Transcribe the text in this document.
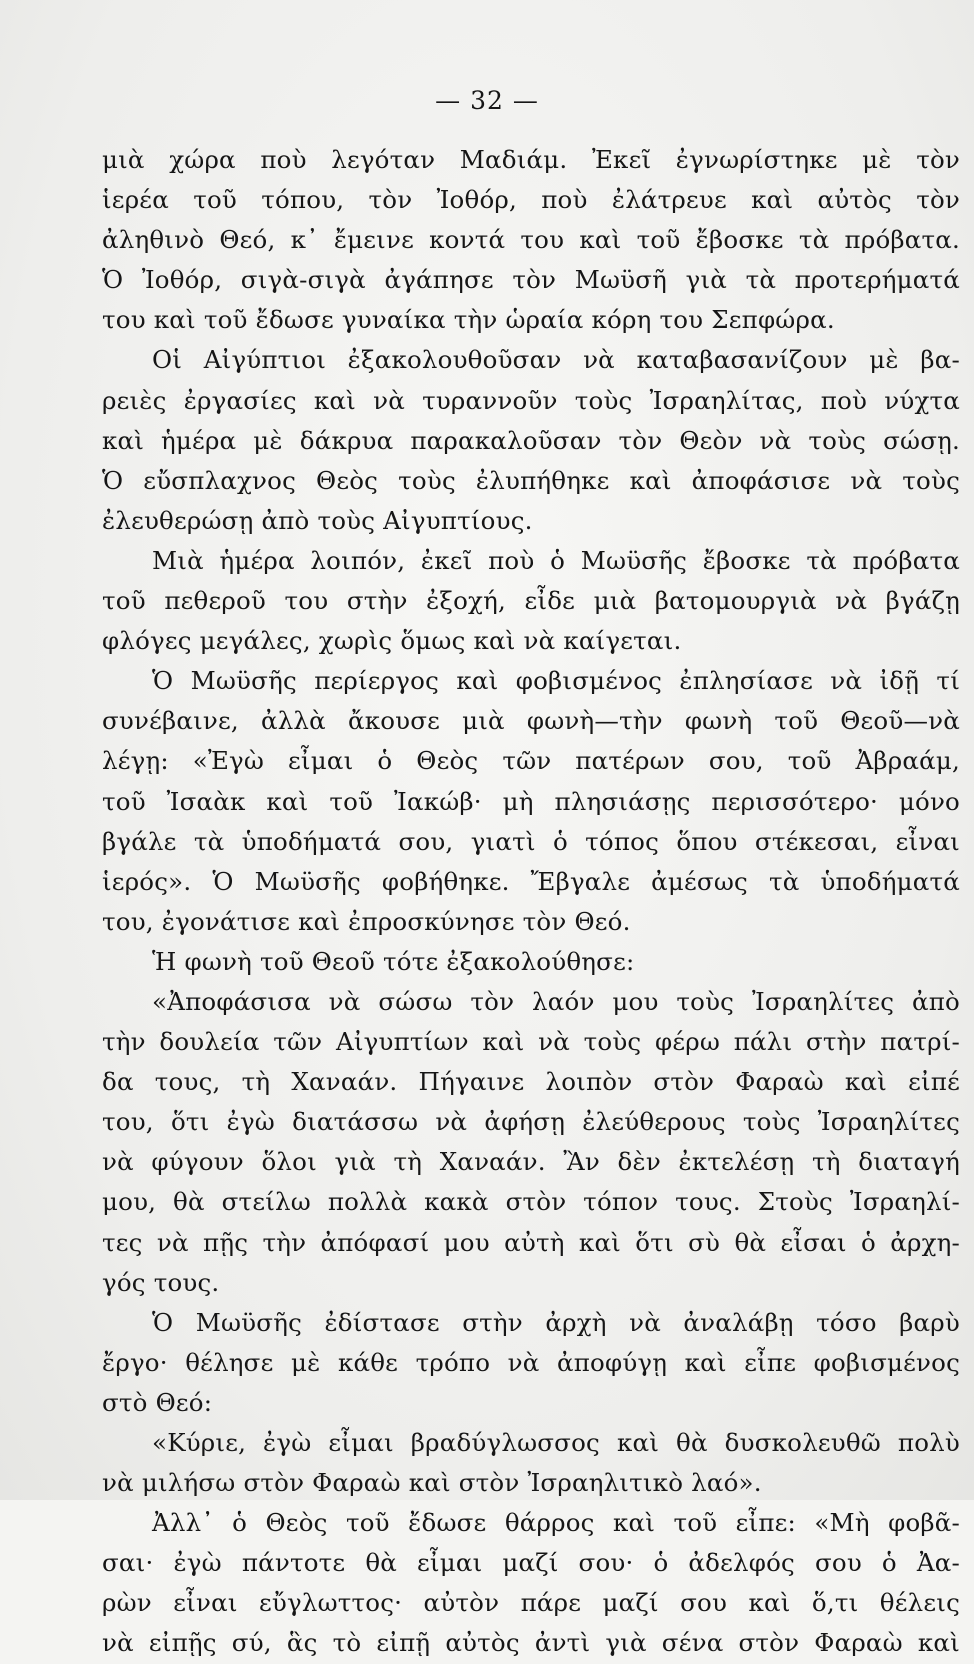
— 32 —
μιὰ χώρα ποὺ λεγόταν Μαδιάμ. Ἐκεῖ ἐγνωρίστηκε μὲ τὸν
ἱερέα τοῦ τόπου, τὸν Ἰοθόρ, ποὺ ἐλάτρευε καὶ αὐτὸς τὸν
ἀληθινὸ Θεό, κ᾽ ἔμεινε κοντά του καὶ τοῦ ἔβοσκε τὰ πρόβατα.
Ὁ Ἰοθόρ, σιγὰ-σιγὰ ἀγάπησε τὸν Μωϋσῆ γιὰ τὰ προτερήματά
του καὶ τοῦ ἔδωσε γυναίκα τὴν ὡραία κόρη του Σεπφώρα.
Οἱ Αἰγύπτιοι ἐξακολουθοῦσαν νὰ καταβασανίζουν μὲ βα-
ρειὲς ἐργασίες καὶ νὰ τυραννοῦν τοὺς Ἰσραηλίτας, ποὺ νύχτα
καὶ ἡμέρα μὲ δάκρυα παρακαλοῦσαν τὸν Θεὸν νὰ τοὺς σώσῃ.
Ὁ εὔσπλαχνος Θεὸς τοὺς ἐλυπήθηκε καὶ ἀποφάσισε νὰ τοὺς
ἐλευθερώσῃ ἀπὸ τοὺς Αἰγυπτίους.
Μιὰ ἡμέρα λοιπόν, ἐκεῖ ποὺ ὁ Μωϋσῆς ἔβοσκε τὰ πρόβατα
τοῦ πεθεροῦ του στὴν ἐξοχή, εἶδε μιὰ βατομουργιὰ νὰ βγάζῃ
φλόγες μεγάλες, χωρὶς ὅμως καὶ νὰ καίγεται.
Ὁ Μωϋσῆς περίεργος καὶ φοβισμένος ἐπλησίασε νὰ ἰδῇ τί
συνέβαινε, ἀλλὰ ἄκουσε μιὰ φωνὴ—τὴν φωνὴ τοῦ Θεοῦ—νὰ
λέγῃ: «Ἐγὼ εἶμαι ὁ Θεὸς τῶν πατέρων σου, τοῦ Ἀβραάμ,
τοῦ Ἰσαὰκ καὶ τοῦ Ἰακώβ· μὴ πλησιάσῃς περισσότερο· μόνο
βγάλε τὰ ὑποδήματά σου, γιατὶ ὁ τόπος ὅπου στέκεσαι, εἶναι
ἱερός». Ὁ Μωϋσῆς φοβήθηκε. Ἔβγαλε ἀμέσως τὰ ὑποδήματά
του, ἐγονάτισε καὶ ἐπροσκύνησε τὸν Θεό.
Ἡ φωνὴ τοῦ Θεοῦ τότε ἐξακολούθησε:
«Ἀποφάσισα νὰ σώσω τὸν λαόν μου τοὺς Ἰσραηλίτες ἀπὸ
τὴν δουλεία τῶν Αἰγυπτίων καὶ νὰ τοὺς φέρω πάλι στὴν πατρί-
δα τους, τὴ Χαναάν. Πήγαινε λοιπὸν στὸν Φαραὼ καὶ εἰπέ
του, ὅτι ἐγὼ διατάσσω νὰ ἀφήσῃ ἐλεύθερους τοὺς Ἰσραηλίτες
νὰ φύγουν ὅλοι γιὰ τὴ Χαναάν. Ἂν δὲν ἐκτελέσῃ τὴ διαταγή
μου, θὰ στείλω πολλὰ κακὰ στὸν τόπον τους. Στοὺς Ἰσραηλί-
τες νὰ πῇς τὴν ἀπόφασί μου αὐτὴ καὶ ὅτι σὺ θὰ εἶσαι ὁ ἀρχη-
γός τους.
Ὁ Μωϋσῆς ἐδίστασε στὴν ἀρχὴ νὰ ἀναλάβῃ τόσο βαρὺ
ἔργο· θέλησε μὲ κάθε τρόπο νὰ ἀποφύγῃ καὶ εἶπε φοβισμένος
στὸ Θεό:
«Κύριε, ἐγὼ εἶμαι βραδύγλωσσος καὶ θὰ δυσκολευθῶ πολὺ
νὰ μιλήσω στὸν Φαραὼ καὶ στὸν Ἰσραηλιτικὸ λαό».
Ἀλλ᾽ ὁ Θεὸς τοῦ ἔδωσε θάρρος καὶ τοῦ εἶπε: «Μὴ φοβᾶ-
σαι· ἐγὼ πάντοτε θὰ εἶμαι μαζί σου· ὁ ἀδελφός σου ὁ Ἀα-
ρὼν εἶναι εὔγλωττος· αὐτὸν πάρε μαζί σου καὶ ὅ,τι θέλεις
νὰ εἰπῇς σύ, ἃς τὸ εἰπῇ αὐτὸς ἀντὶ γιὰ σένα στὸν Φαραὼ καὶ
